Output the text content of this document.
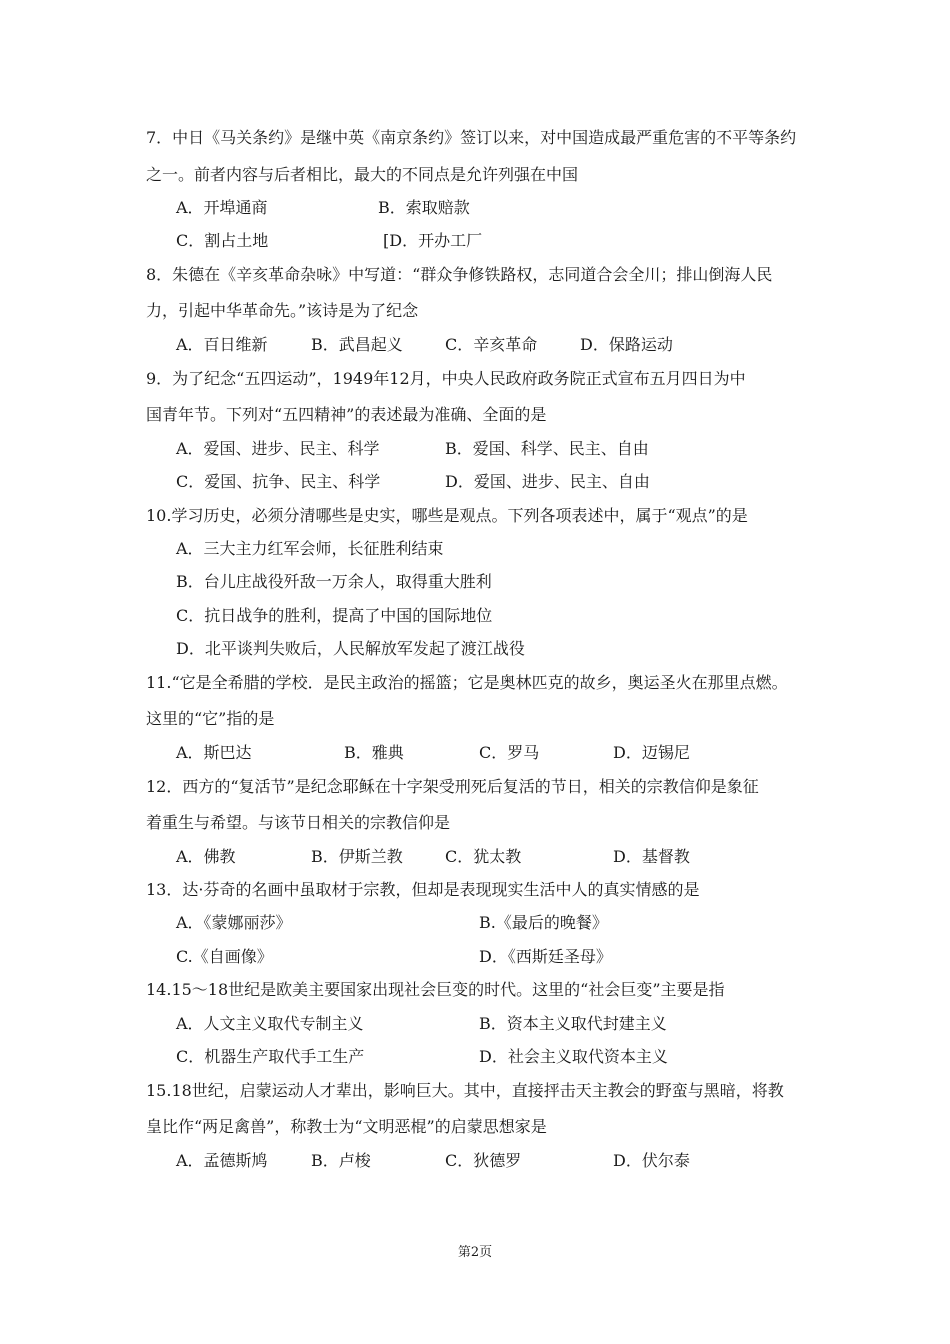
7．中日《马关条约》是继中英《南京条约》签订以来，对中国造成最严重危害的不平等条约
之一。前者内容与后者相比，最大的不同点是允许列强在中国
A．开埠通商	B．索取赔款
C．割占土地	[D．开办工厂
8．朱德在《辛亥革命杂咏》中写道：“群众争修铁路权，志同道合会全川；排山倒海人民
力，引起中华革命先。”该诗是为了纪念
A．百日维新	B．武昌起义	C．辛亥革命	D．保路运动
9．为了纪念“五四运动”，1949年12月，中央人民政府政务院正式宣布五月四日为中
国青年节。下列对“五四精神”的表述最为准确、全面的是
A．爱国、进步、民主、科学	B．爱国、科学、民主、自由
C．爱国、抗争、民主、科学	D．爱国、进步、民主、自由
10.学习历史，必须分清哪些是史实，哪些是观点。下列各项表述中，属于“观点”的是
A．三大主力红军会师，长征胜利结束
B．台儿庄战役歼敌一万余人，取得重大胜利
C．抗日战争的胜利，提高了中国的国际地位
D．北平谈判失败后，人民解放军发起了渡江战役
11.“它是全希腊的学校．是民主政治的摇篮；它是奥林匹克的故乡，奥运圣火在那里点燃。
这里的“它”指的是
A．斯巴达	B．雅典	C．罗马	D．迈锡尼
12．西方的“复活节”是纪念耶稣在十字架受刑死后复活的节日，相关的宗教信仰是象征
着重生与希望。与该节日相关的宗教信仰是
A．佛教	B．伊斯兰教	C．犹太教	D．基督教
13．达·芬奇的名画中虽取材于宗教，但却是表现现实生活中人的真实情感的是
A．《蒙娜丽莎》	B.《最后的晚餐》
C.《自画像》	D．《西斯廷圣母》
14.15～18世纪是欧美主要国家出现社会巨变的时代。这里的“社会巨变”主要是指
A．人文主义取代专制主义	B．资本主义取代封建主义
C．机器生产取代手工生产	D．社会主义取代资本主义
15.18世纪，启蒙运动人才辈出，影响巨大。其中，直接抨击天主教会的野蛮与黑暗，将教
皇比作“两足禽兽”，称教士为“文明恶棍”的启蒙思想家是
A．孟德斯鸠	B．卢梭	C．狄德罗	D．伏尔泰
第2页
